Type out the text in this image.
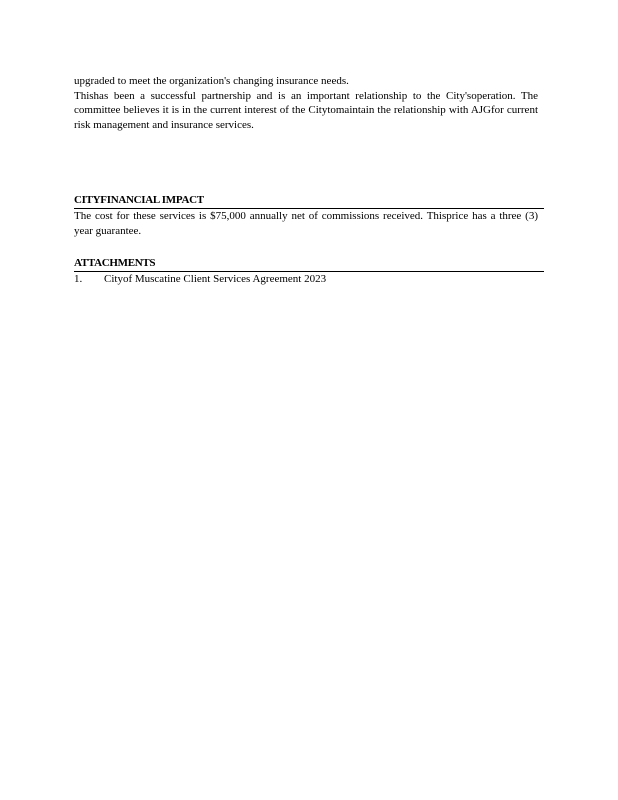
upgraded to meet the organization's changing insurance needs.

Thishas been a successful partnership and is an important relationship to the City'soperation. The committee believes it is in the current interest of the Citytomaintain the relationship with AJGfor current risk management and insurance services.

CITYFINANCIAL IMPACT
The cost for these services is $75,000 annually net of commissions received. Thisprice has a three (3) year guarantee.
ATTACHMENTS
1.	Cityof Muscatine Client Services Agreement 2023
